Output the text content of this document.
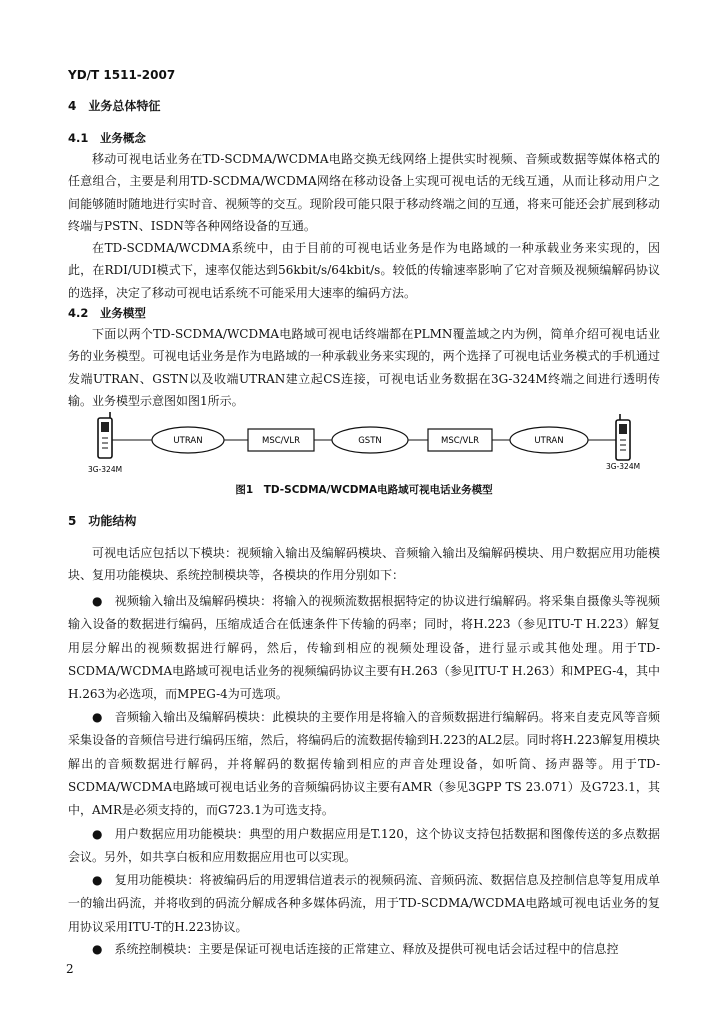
YD/T 1511-2007
4　业务总体特征
4.1　业务概念

移动可视电话业务在TD-SCDMA/WCDMA电路交换无线网络上提供实时视频、音频或数据等媒体格式的任意组合，主要是利用TD-SCDMA/WCDMA网络在移动设备上实现可视电话的无线互通，从而让移动用户之间能够随时随地进行实时音、视频等的交互。现阶段可能只限于移动终端之间的互通，将来可能还会扩展到移动终端与PSTN、ISDN等各种网络设备的互通。

在TD-SCDMA/WCDMA系统中，由于目前的可视电话业务是作为电路域的一种承载业务来实现的，因此，在RDI/UDI模式下，速率仅能达到56kbit/s/64kbit/s。较低的传输速率影响了它对音频及视频编解码协议的选择，决定了移动可视电话系统不可能采用大速率的编码方法。

4.2　业务模型

下面以两个TD-SCDMA/WCDMA电路域可视电话终端都在PLMN覆盖域之内为例，简单介绍可视电话业务的业务模型。可视电话业务是作为电路域的一种承载业务来实现的，两个选择了可视电话业务模式的手机通过发端UTRAN、GSTN以及收端UTRAN建立起CS连接，可视电话业务数据在3G-324M终端之间进行透明传输。业务模型示意图如图1所示。

UTRAN	MSC/VLR	GSTN	MSC/VLR	UTRAN
3G-324M	3G-324M
图1　TD-SCDMA/WCDMA电路域可视电话业务模型
5　功能结构

可视电话应包括以下模块：视频输入输出及编解码模块、音频输入输出及编解码模块、用户数据应用功能模块、复用功能模块、系统控制模块等，各模块的作用分别如下：

●　视频输入输出及编解码模块：将输入的视频流数据根据特定的协议进行编解码。将采集自摄像头等视频输入设备的数据进行编码，压缩成适合在低速条件下传输的码率；同时，将H.223（参见ITU-T H.223）解复用层分解出的视频数据进行解码，然后，传输到相应的视频处理设备，进行显示或其他处理。用于TD-SCDMA/WCDMA电路域可视电话业务的视频编码协议主要有H.263（参见ITU-T H.263）和MPEG-4，其中H.263为必选项，而MPEG-4为可选项。

●　音频输入输出及编解码模块：此模块的主要作用是将输入的音频数据进行编解码。将来自麦克风等音频采集设备的音频信号进行编码压缩，然后，将编码后的流数据传输到H.223的AL2层。同时将H.223解复用模块解出的音频数据进行解码，并将解码的数据传输到相应的声音处理设备，如听筒、扬声器等。用于TD-SCDMA/WCDMA电路域可视电话业务的音频编码协议主要有AMR（参见3GPP TS 23.071）及G723.1，其中，AMR是必须支持的，而G723.1为可选支持。

●　用户数据应用功能模块：典型的用户数据应用是T.120，这个协议支持包括数据和图像传送的多点数据会议。另外，如共享白板和应用数据应用也可以实现。

●　复用功能模块：将被编码后的用逻辑信道表示的视频码流、音频码流、数据信息及控制信息等复用成单一的输出码流，并将收到的码流分解成各种多媒体码流，用于TD-SCDMA/WCDMA电路域可视电话业务的复用协议采用ITU-T的H.223协议。

●　系统控制模块：主要是保证可视电话连接的正常建立、释放及提供可视电话会话过程中的信息控

2
